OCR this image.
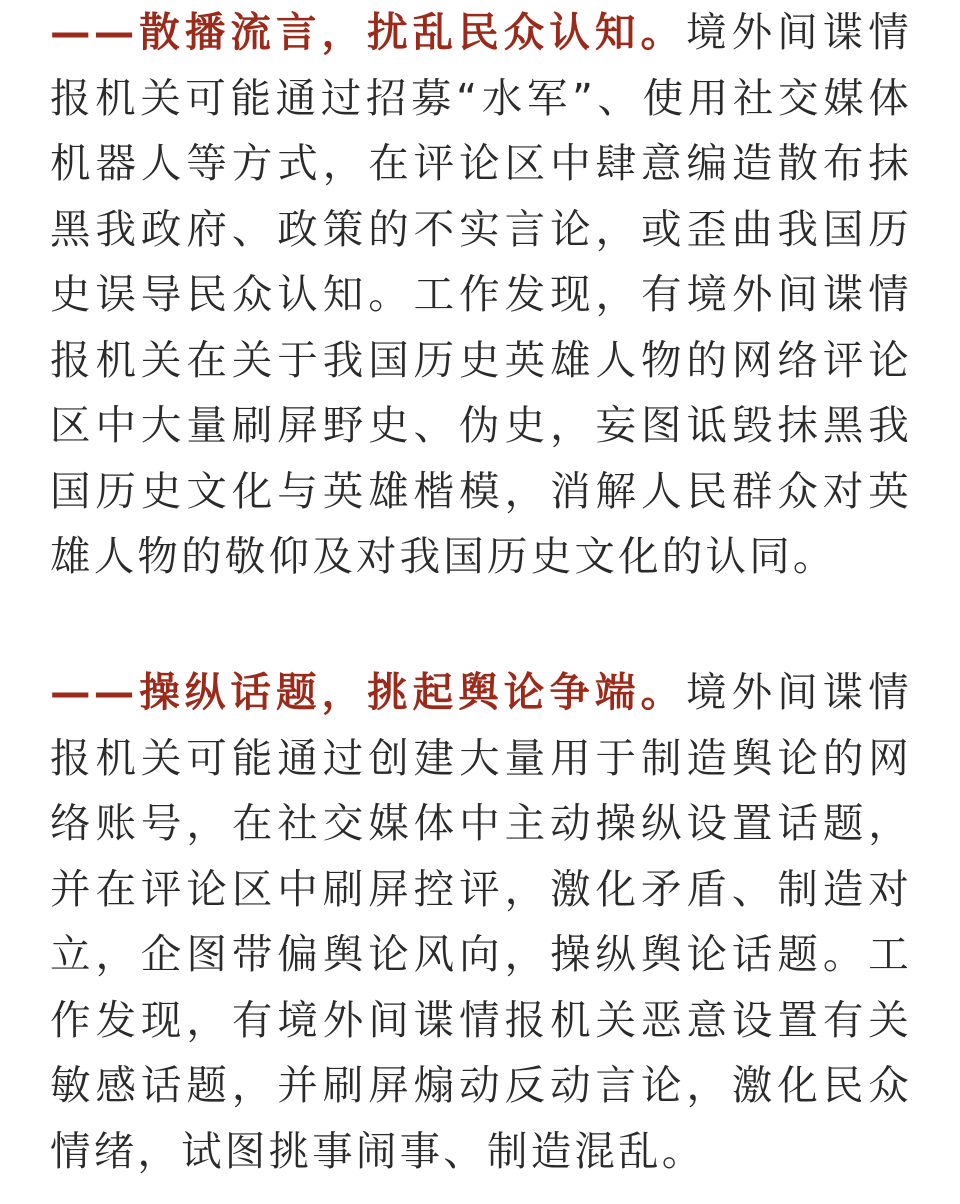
——散播流言，扰乱民众认知。境外间谍情报机关可能通过招募“水军”、使用社交媒体机器人等方式，在评论区中肆意编造散布抹黑我政府、政策的不实言论，或歪曲我国历史误导民众认知。工作发现，有境外间谍情报机关在关于我国历史英雄人物的网络评论区中大量刷屏野史、伪史，妄图诋毁抹黑我国历史文化与英雄楷模，消解人民群众对英雄人物的敬仰及对我国历史文化的认同。

——操纵话题，挑起舆论争端。境外间谍情报机关可能通过创建大量用于制造舆论的网络账号，在社交媒体中主动操纵设置话题，并在评论区中刷屏控评，激化矛盾、制造对立，企图带偏舆论风向，操纵舆论话题。工作发现，有境外间谍情报机关恶意设置有关敏感话题，并刷屏煽动反动言论，激化民众情绪，试图挑事闹事、制造混乱。
